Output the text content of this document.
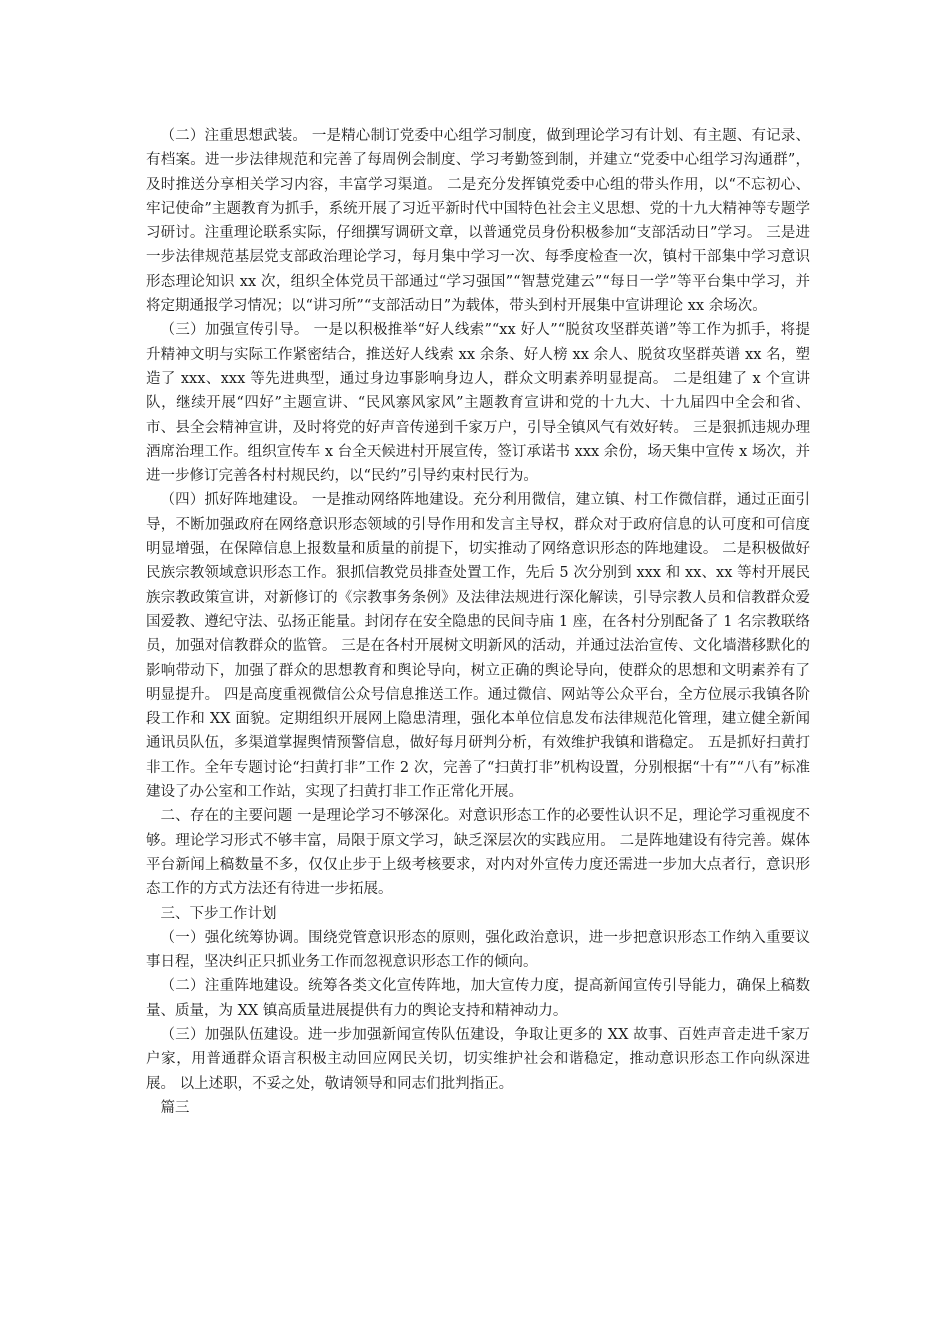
（二）注重思想武装。 一是精心制订党委中心组学习制度，做到理论学习有计划、有主题、有记录、有档案。进一步法律规范和完善了每周例会制度、学习考勤签到制，并建立“党委中心组学习沟通群”，及时推送分享相关学习内容，丰富学习渠道。 二是充分发挥镇党委中心组的带头作用，以“不忘初心、牢记使命”主题教育为抓手，系统开展了习近平新时代中国特色社会主义思想、党的十九大精神等专题学习研讨。注重理论联系实际，仔细撰写调研文章，以普通党员身份积极参加“支部活动日”学习。 三是进一步法律规范基层党支部政治理论学习，每月集中学习一次、每季度检查一次，镇村干部集中学习意识形态理论知识 xx 次，组织全体党员干部通过“学习强国”“智慧党建云”“每日一学”等平台集中学习，并将定期通报学习情况；以“讲习所”“支部活动日”为载体，带头到村开展集中宣讲理论 xx 余场次。

（三）加强宣传引导。 一是以积极推举“好人线索”“xx 好人”“脱贫攻坚群英谱”等工作为抓手，将提升精神文明与实际工作紧密结合，推送好人线索 xx 余条、好人榜 xx 余人、脱贫攻坚群英谱 xx 名，塑造了 xxx、xxx 等先进典型，通过身边事影响身边人，群众文明素养明显提高。 二是组建了 x 个宣讲队，继续开展“四好”主题宣讲、“民风寨风家风”主题教育宣讲和党的十九大、十九届四中全会和省、市、县全会精神宣讲，及时将党的好声音传递到千家万户，引导全镇风气有效好转。 三是狠抓违规办理酒席治理工作。组织宣传车 x 台全天候进村开展宣传，签订承诺书 xxx 余份，场天集中宣传 x 场次，并进一步修订完善各村村规民约，以“民约”引导约束村民行为。

（四）抓好阵地建设。 一是推动网络阵地建设。充分利用微信，建立镇、村工作微信群，通过正面引导，不断加强政府在网络意识形态领域的引导作用和发言主导权，群众对于政府信息的认可度和可信度明显增强，在保障信息上报数量和质量的前提下，切实推动了网络意识形态的阵地建设。 二是积极做好民族宗教领域意识形态工作。狠抓信教党员排查处置工作，先后 5 次分别到 xxx 和 xx、xx 等村开展民族宗教政策宣讲，对新修订的《宗教事务条例》及法律法规进行深化解读，引导宗教人员和信教群众爱国爱教、遵纪守法、弘扬正能量。封闭存在安全隐患的民间寺庙 1 座，在各村分别配备了 1 名宗教联络员，加强对信教群众的监管。 三是在各村开展树文明新风的活动，并通过法治宣传、文化墙潜移默化的影响带动下，加强了群众的思想教育和舆论导向，树立正确的舆论导向，使群众的思想和文明素养有了明显提升。 四是高度重视微信公众号信息推送工作。通过微信、网站等公众平台，全方位展示我镇各阶段工作和 XX 面貌。定期组织开展网上隐患清理，强化本单位信息发布法律规范化管理，建立健全新闻通讯员队伍，多渠道掌握舆情预警信息，做好每月研判分析，有效维护我镇和谐稳定。 五是抓好扫黄打非工作。全年专题讨论“扫黄打非”工作 2 次，完善了“扫黄打非”机构设置，分别根据“十有”“八有”标准建设了办公室和工作站，实现了扫黄打非工作正常化开展。

二、存在的主要问题 一是理论学习不够深化。对意识形态工作的必要性认识不足，理论学习重视度不够。理论学习形式不够丰富，局限于原文学习，缺乏深层次的实践应用。 二是阵地建设有待完善。媒体平台新闻上稿数量不多，仅仅止步于上级考核要求，对内对外宣传力度还需进一步加大点者行，意识形态工作的方式方法还有待进一步拓展。

三、下步工作计划

（一）强化统筹协调。围绕党管意识形态的原则，强化政治意识，进一步把意识形态工作纳入重要议事日程，坚决纠正只抓业务工作而忽视意识形态工作的倾向。

（二）注重阵地建设。统筹各类文化宣传阵地，加大宣传力度，提高新闻宣传引导能力，确保上稿数量、质量，为 XX 镇高质量进展提供有力的舆论支持和精神动力。

（三）加强队伍建设。进一步加强新闻宣传队伍建设，争取让更多的 XX 故事、百姓声音走进千家万户家，用普通群众语言积极主动回应网民关切，切实维护社会和谐稳定，推动意识形态工作向纵深进展。 以上述职，不妥之处，敬请领导和同志们批判指正。

篇三
